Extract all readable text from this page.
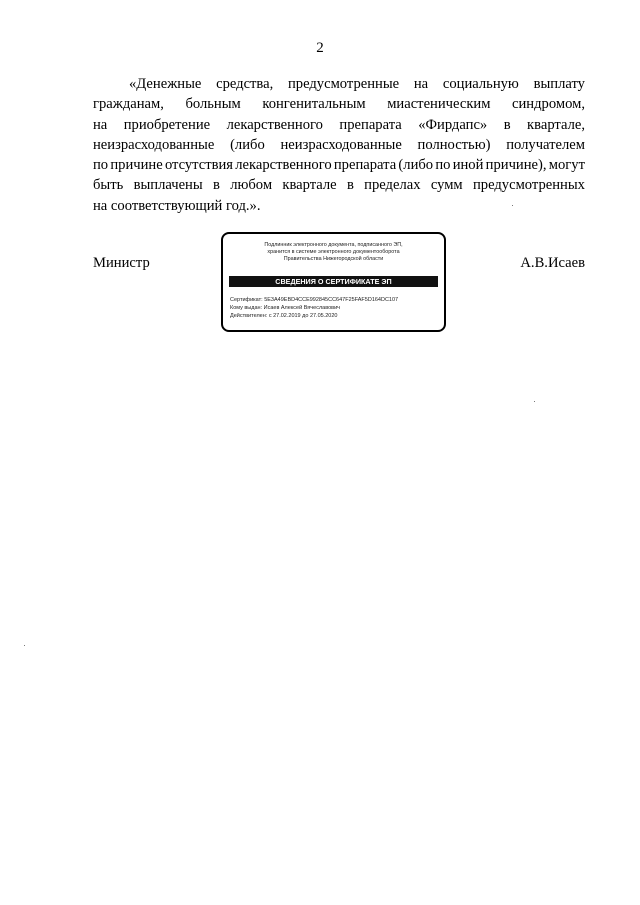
2
«Денежные средства, предусмотренные на социальную выплату
гражданам, больным конгенитальным миастеническим синдромом,
на приобретение лекарственного препарата «Фирдапс» в квартале,
неизрасходованные (либо неизрасходованные полностью) получателем
по причине отсутствия лекарственного препарата (либо по иной причине), могут
быть выплачены в любом квартале в пределах сумм предусмотренных
на соответствующий год.».
Министр	А.В.Исаев
Подлинник электронного документа, подписанного ЭП,
хранится в системе электронного документооборота
Правительства Нижегородской области
СВЕДЕНИЯ О СЕРТИФИКАТЕ ЭП
Сертификат: 5E3A49EBD4CCE992845CC647F25FAF5D164DC107
Кому выдан: Исаев Алексей Вячеславович
Действителен: с 27.02.2019 до 27.05.2020
